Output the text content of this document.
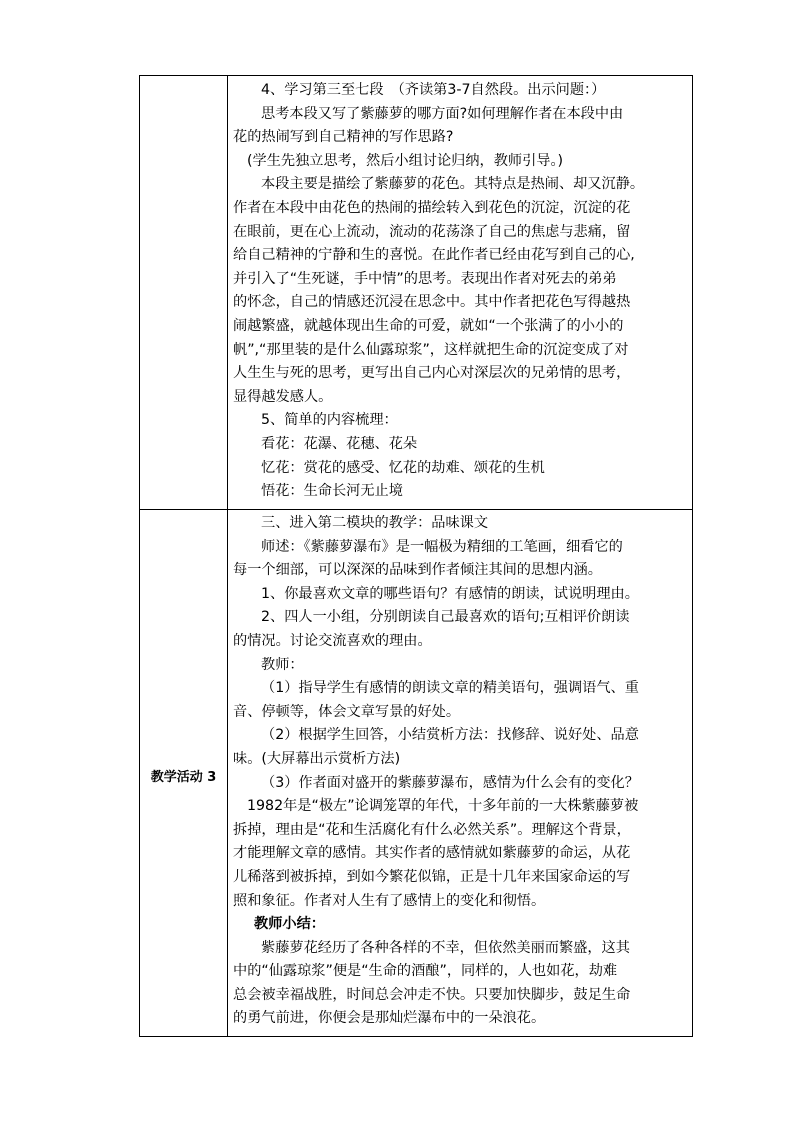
4、学习第三至七段　（齐读第3-7自然段。出示问题：）

思考本段又写了紫藤萝的哪方面?如何理解作者在本段中由

花的热闹写到自己精神的写作思路?

(学生先独立思考，然后小组讨论归纳，教师引导。)

本段主要是描绘了紫藤萝的花色。其特点是热闹、却又沉静。

作者在本段中由花色的热闹的描绘转入到花色的沉淀，沉淀的花

在眼前，更在心上流动，流动的花荡涤了自己的焦虑与悲痛，留

给自己精神的宁静和生的喜悦。在此作者已经由花写到自己的心,

并引入了“生死谜，手中情”的思考。表现出作者对死去的弟弟

的怀念，自己的情感还沉浸在思念中。其中作者把花色写得越热

闹越繁盛，就越体现出生命的可爱，就如“一个张满了的小小的

帆”,“那里装的是什么仙露琼浆”，这样就把生命的沉淀变成了对

人生生与死的思考，更写出自己内心对深层次的兄弟情的思考，

显得越发感人。

5、简单的内容梳理：

看花：花瀑、花穗、花朵

忆花：赏花的感受、忆花的劫难、颂花的生机

悟花：生命长河无止境

教学活动 3

三、进入第二模块的教学：品味课文

师述：《紫藤萝瀑布》是一幅极为精细的工笔画，细看它的

每一个细部，可以深深的品味到作者倾注其间的思想内涵。

1、你最喜欢文章的哪些语句？有感情的朗读，试说明理由。

2、四人一小组，分别朗读自己最喜欢的语句;互相评价朗读

的情况。讨论交流喜欢的理由。

教师：

（1）指导学生有感情的朗读文章的精美语句，强调语气、重

音、停顿等，体会文章写景的好处。

（2）根据学生回答，小结赏析方法：找修辞、说好处、品意

味。(大屏幕出示赏析方法)

（3）作者面对盛开的紫藤萝瀑布，感情为什么会有的变化？

1982年是“极左”论调笼罩的年代，十多年前的一大株紫藤萝被

拆掉，理由是“花和生活腐化有什么必然关系”。理解这个背景，

才能理解文章的感情。其实作者的感情就如紫藤萝的命运，从花

儿稀落到被拆掉，到如今繁花似锦，正是十几年来国家命运的写

照和象征。作者对人生有了感情上的变化和彻悟。

教师小结：

紫藤萝花经历了各种各样的不幸，但依然美丽而繁盛，这其

中的“仙露琼浆”便是“生命的酒酿”，同样的，人也如花，劫难

总会被幸福战胜，时间总会冲走不快。只要加快脚步，鼓足生命

的勇气前进，你便会是那灿烂瀑布中的一朵浪花。
